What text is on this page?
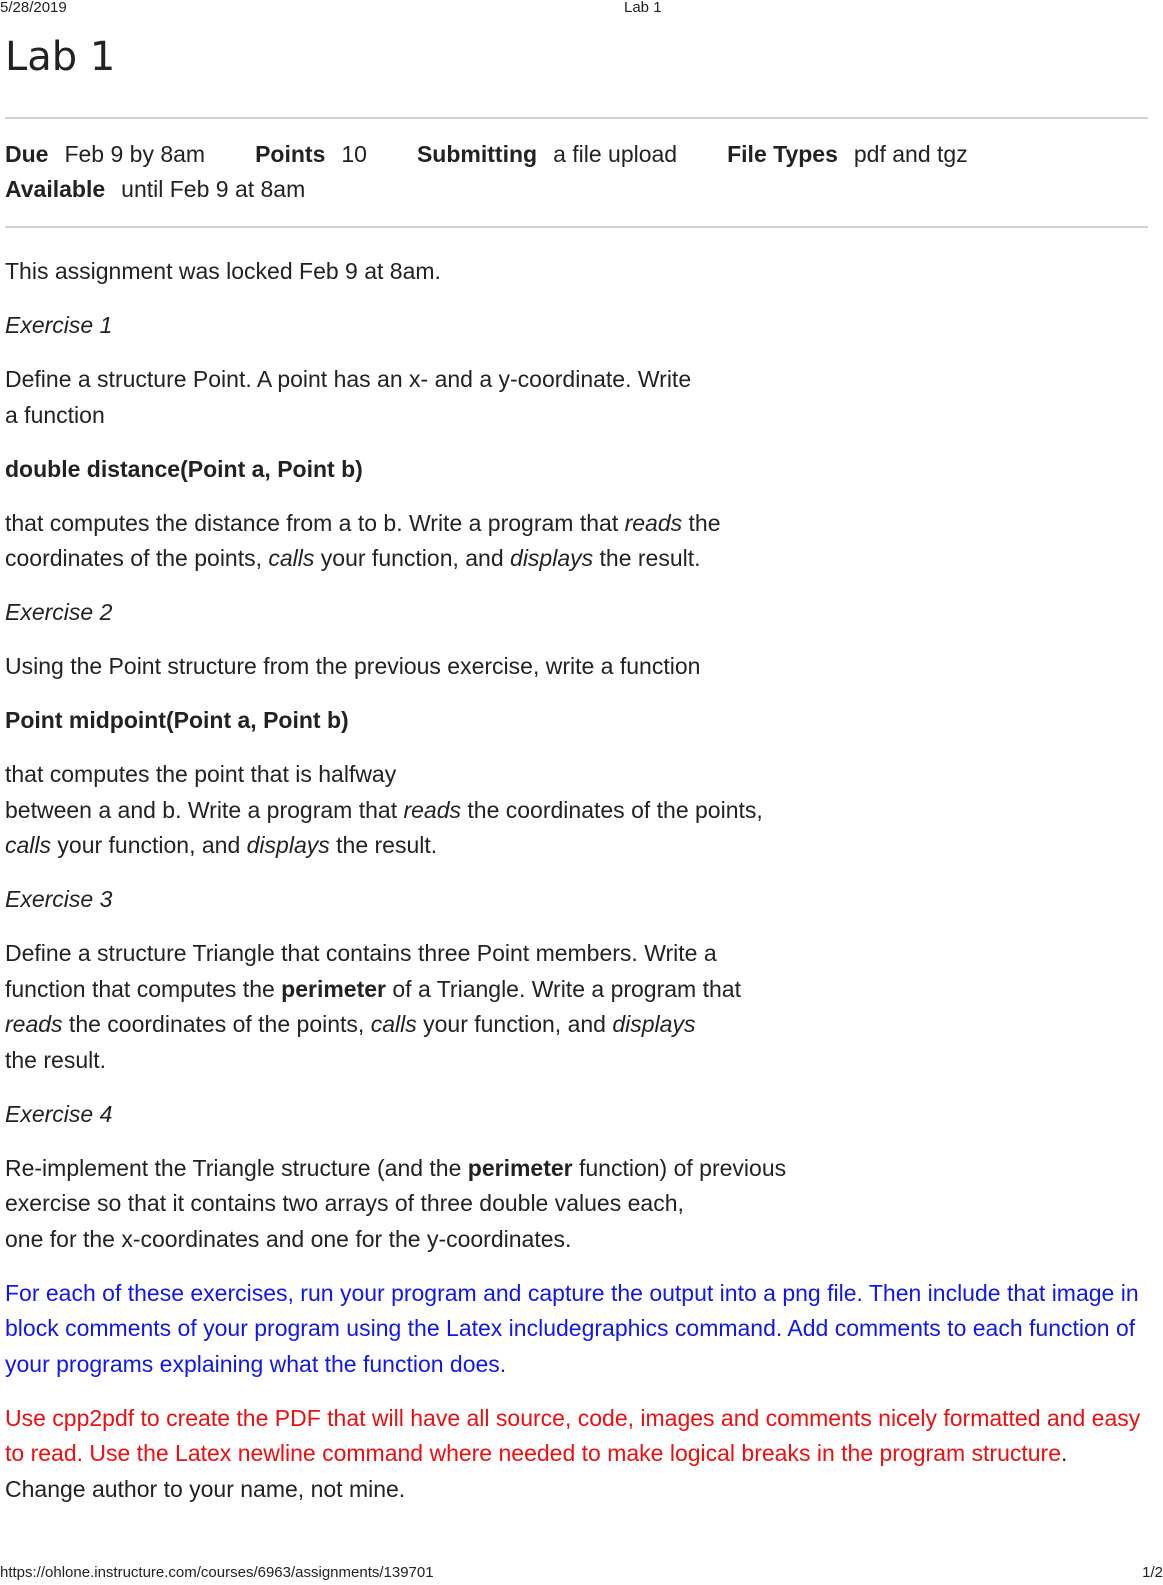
5/28/2019	Lab 1
Lab 1
Due Feb 9 by 8am Points 10 Submitting a file upload File Types pdf and tgz
Available until Feb 9 at 8am

This assignment was locked Feb 9 at 8am.

Exercise 1

Define a structure Point. A point has an x- and a y-coordinate. Write
a function

double distance(Point a, Point b)

that computes the distance from a to b. Write a program that reads the
coordinates of the points, calls your function, and displays the result.

Exercise 2

Using the Point structure from the previous exercise, write a function

Point midpoint(Point a, Point b)

that computes the point that is halfway
between a and b. Write a program that reads the coordinates of the points,
calls your function, and displays the result.

Exercise 3

Define a structure Triangle that contains three Point members. Write a
function that computes the perimeter of a Triangle. Write a program that
reads the coordinates of the points, calls your function, and displays
the result.

Exercise 4

Re-implement the Triangle structure (and the perimeter function) of previous
exercise so that it contains two arrays of three double values each,
one for the x-coordinates and one for the y-coordinates.

For each of these exercises, run your program and capture the output into a png file. Then include that image in block comments of your program using the Latex includegraphics command. Add comments to each function of your programs explaining what the function does.

Use cpp2pdf to create the PDF that will have all source, code, images and comments nicely formatted and easy to read. Use the Latex newline command where needed to make logical breaks in the program structure. Change author to your name, not mine.

https://ohlone.instructure.com/courses/6963/assignments/139701	1/2
